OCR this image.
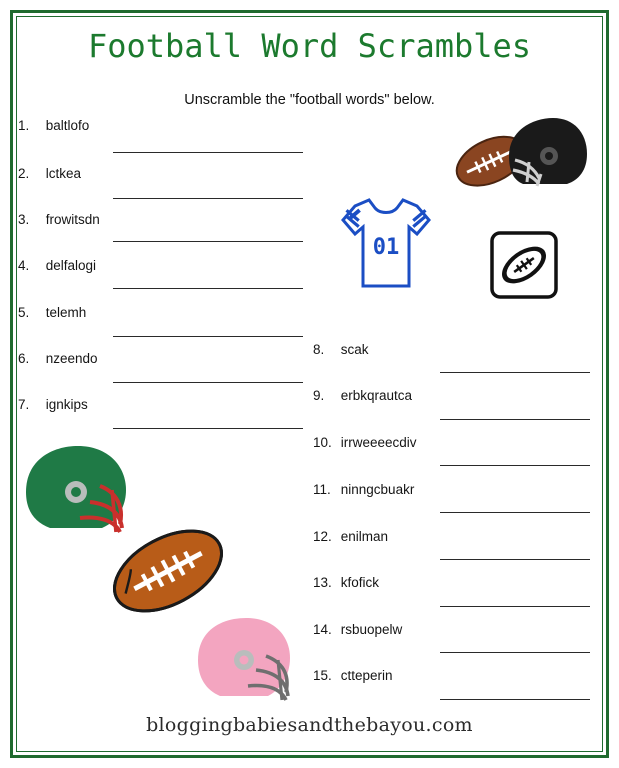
Football Word Scrambles
Unscramble the "football words" below.
01
1. baltlofo
2. lctkea
3. frowitsdn
4. delfalogi
5. telemh
6. nzeendo
7. ignkips
8. scak
9. erbkqrautca
10. irrweeeecdiv
11. ninngcbuakr
12. enilman
13. kfofick
14. rsbuopelw
15. ctteperin
bloggingbabiesandthebayou.com
